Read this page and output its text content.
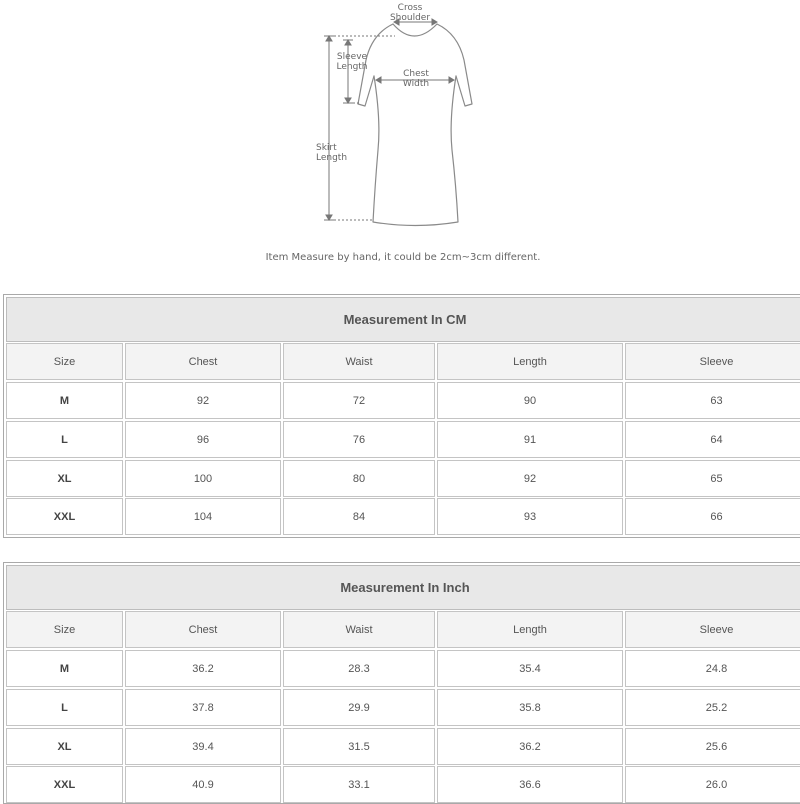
Cross
Shoulder
Sleeve
Length
Chest
Width
Skirt
Length
Item Measure by hand, it could be 2cm~3cm different.
Measurement In CM
Size	Chest	Waist	Length	Sleeve
M	92	72	90	63
L	96	76	91	64
XL	100	80	92	65
XXL	104	84	93	66
Measurement In Inch
Size	Chest	Waist	Length	Sleeve
M	36.2	28.3	35.4	24.8
L	37.8	29.9	35.8	25.2
XL	39.4	31.5	36.2	25.6
XXL	40.9	33.1	36.6	26.0
